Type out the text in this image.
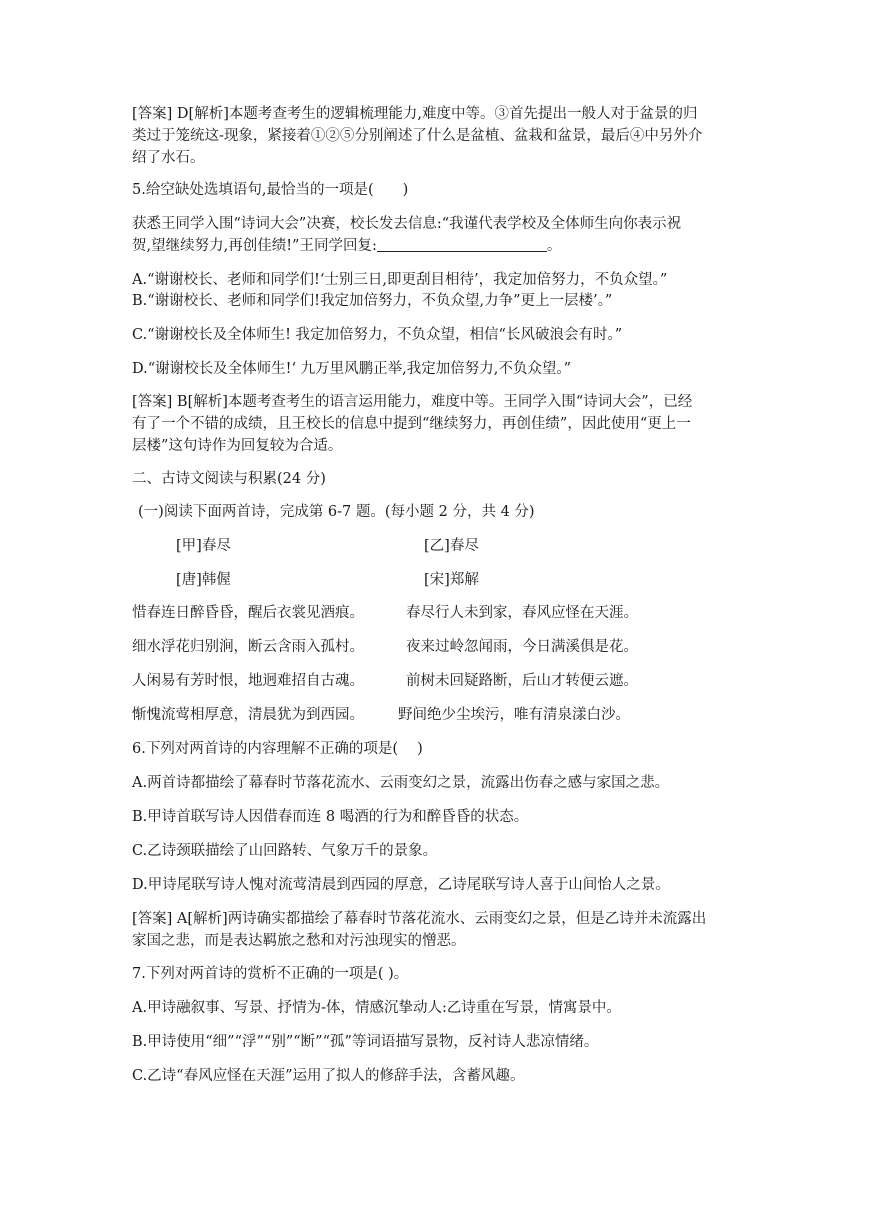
[答案] D[解析]本题考查考生的逻辑梳理能力,难度中等。③首先提出一般人对于盆景的归
类过于笼统这-现象，紧接着①②⑤分别阐述了什么是盆植、盆栽和盆景，最后④中另外介
绍了水石。
5.给空缺处选填语句,最恰当的一项是(　　)
获悉王同学入围“诗词大会”决赛，校长发去信息:“我谨代表学校及全体师生向你表示祝
贺,望继续努力,再创佳绩!”王同学回复:	。
A.“谢谢校长、老师和同学们!‘士别三日,即更刮目相待’，我定加倍努力，不负众望。”
B.“谢谢校长、老师和同学们!我定加倍努力，不负众望,力争”更上一层楼’。”
C.“谢谢校长及全体师生! 我定加倍努力，不负众望，相信“长风破浪会有时。”
D.“谢谢校长及全体师生!‘ 九万里风鹏正举,我定加倍努力,不负众望。”
[答案] B[解析]本题考查考生的语言运用能力，难度中等。王同学入围“诗词大会”，已经
有了一个不错的成绩，且王校长的信息中提到“继续努力，再创佳绩”，因此使用“更上一
层楼”这句诗作为回复较为合适。
二、古诗文阅读与积累(24 分)
(一)阅读下面两首诗，完成第 6-7 题。(每小题 2 分，共 4 分)
[甲]春尽	[乙]春尽
[唐]韩偓	[宋]郑解
惜春连日醉昏昏，醒后衣裳见酒痕。	春尽行人未到家，春风应怪在天涯。
细水浮花归别涧，断云含雨入孤村。	夜来过岭忽闻雨，今日满溪俱是花。
人闲易有芳时恨，地迥难招自古魂。	前树未回疑路断，后山才转便云遮。
惭愧流莺相厚意，清晨犹为到西园。 野间绝少尘埃污，唯有清泉漾白沙。
6.下列对两首诗的内容理解不正确的项是(　 )
A.两首诗都描绘了幕春时节落花流水、云雨变幻之景，流露出伤春之感与家国之悲。
B.甲诗首联写诗人因借春而连 8 喝酒的行为和醉昏昏的状态。
C.乙诗颈联描绘了山回路转、气象万千的景象。
D.甲诗尾联写诗人愧对流莺清晨到西园的厚意，乙诗尾联写诗人喜于山间怡人之景。
[答案] A[解析]两诗确实都描绘了幕春时节落花流水、云雨变幻之景，但是乙诗并未流露出
家国之悲，而是表达羁旅之愁和对污浊现实的憎恶。
7.下列对两首诗的赏析不正确的一项是( )。
A.甲诗融叙事、写景、抒情为-体，情感沉挚动人:乙诗重在写景，情寓景中。
B.甲诗使用“细”“浮”“别”“断”“孤”等词语描写景物，反衬诗人悲凉情绪。
C.乙诗“春风应怪在天涯”运用了拟人的修辞手法，含蓄风趣。
